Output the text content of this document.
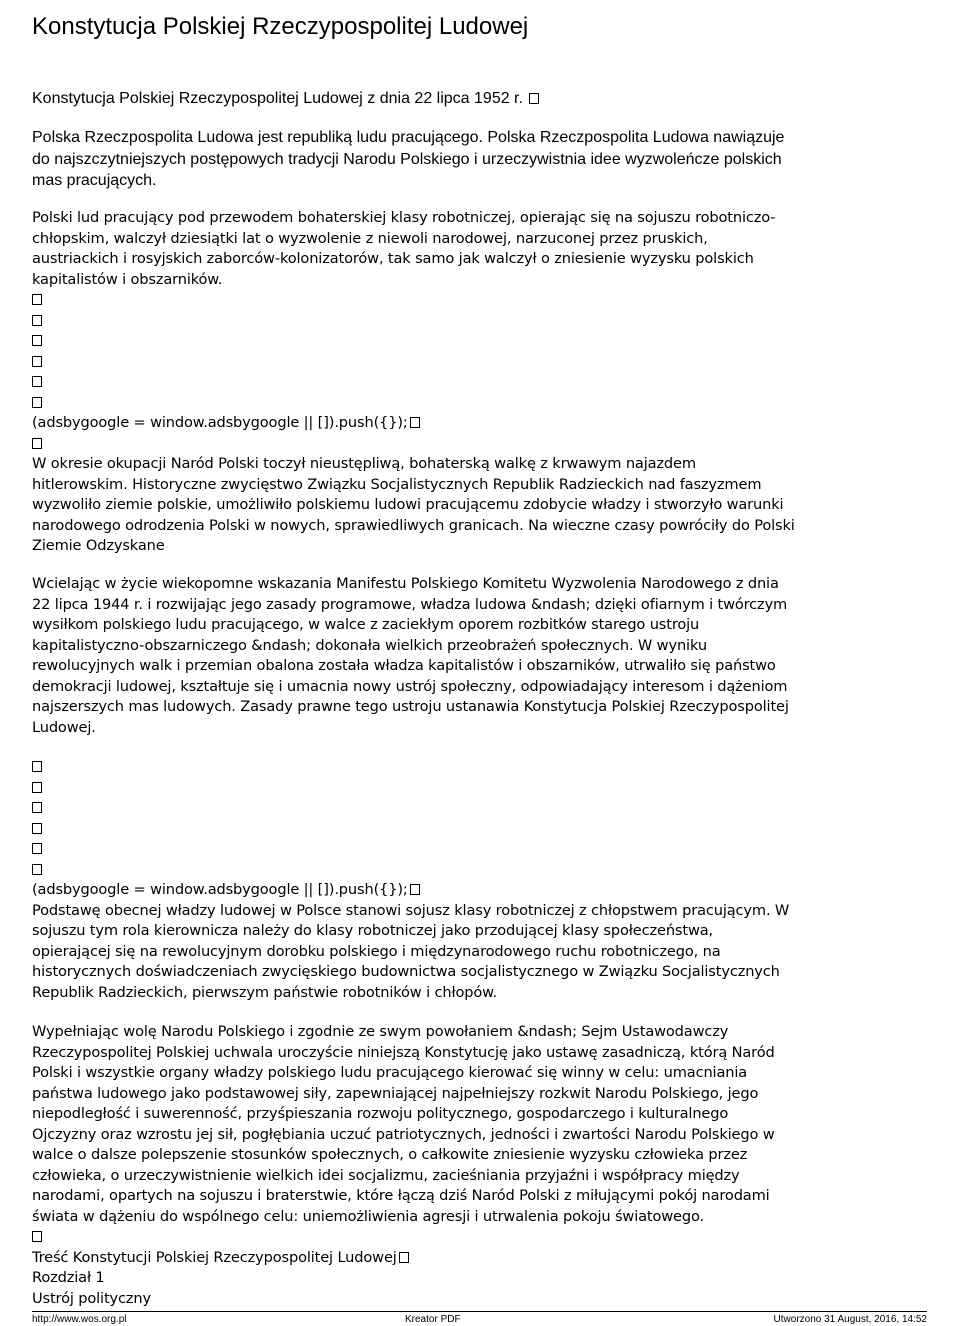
Konstytucja Polskiej Rzeczypospolitej Ludowej

Konstytucja Polskiej Rzeczypospolitej Ludowej z dnia 22 lipca 1952 r.

Polska Rzeczpospolita Ludowa jest republiką ludu pracującego. Polska Rzeczpospolita Ludowa nawiązuje
do najszczytniejszych postępowych tradycji Narodu Polskiego i urzeczywistnia idee wyzwoleńcze polskich
mas pracujących.

Polski lud pracujący pod przewodem bohaterskiej klasy robotniczej, opierając się na sojuszu robotniczo-
chłopskim, walczył dziesiątki lat o wyzwolenie z niewoli narodowej, narzuconej przez pruskich,
austriackich i rosyjskich zaborców-kolonizatorów, tak samo jak walczył o zniesienie wyzysku polskich
kapitalistów i obszarników.
(adsbygoogle = window.adsbygoogle || []).push({});
W okresie okupacji Naród Polski toczył nieustępliwą, bohaterską walkę z krwawym najazdem
hitlerowskim. Historyczne zwycięstwo Związku Socjalistycznych Republik Radzieckich nad faszyzmem
wyzwoliło ziemie polskie, umożliwiło polskiemu ludowi pracującemu zdobycie władzy i stworzyło warunki
narodowego odrodzenia Polski w nowych, sprawiedliwych granicach. Na wieczne czasy powróciły do Polski
Ziemie Odzyskane
Wcielając w życie wiekopomne wskazania Manifestu Polskiego Komitetu Wyzwolenia Narodowego z dnia
22 lipca 1944 r. i rozwijając jego zasady programowe, władza ludowa &ndash; dzięki ofiarnym i twórczym
wysiłkom polskiego ludu pracującego, w walce z zaciekłym oporem rozbitków starego ustroju
kapitalistyczno-obszarniczego &ndash; dokonała wielkich przeobrażeń społecznych. W wyniku
rewolucyjnych walk i przemian obalona została władza kapitalistów i obszarników, utrwaliło się państwo
demokracji ludowej, kształtuje się i umacnia nowy ustrój społeczny, odpowiadający interesom i dążeniom
najszerszych mas ludowych. Zasady prawne tego ustroju ustanawia Konstytucja Polskiej Rzeczypospolitej
Ludowej.
(adsbygoogle = window.adsbygoogle || []).push({});
Podstawę obecnej władzy ludowej w Polsce stanowi sojusz klasy robotniczej z chłopstwem pracującym. W
sojuszu tym rola kierownicza należy do klasy robotniczej jako przodującej klasy społeczeństwa,
opierającej się na rewolucyjnym dorobku polskiego i międzynarodowego ruchu robotniczego, na
historycznych doświadczeniach zwycięskiego budownictwa socjalistycznego w Związku Socjalistycznych
Republik Radzieckich, pierwszym państwie robotników i chłopów.
Wypełniając wolę Narodu Polskiego i zgodnie ze swym powołaniem &ndash; Sejm Ustawodawczy
Rzeczypospolitej Polskiej uchwala uroczyście niniejszą Konstytucję jako ustawę zasadniczą, którą Naród
Polski i wszystkie organy władzy polskiego ludu pracującego kierować się winny w celu: umacniania
państwa ludowego jako podstawowej siły, zapewniającej najpełniejszy rozkwit Narodu Polskiego, jego
niepodległość i suwerenność, przyśpieszania rozwoju politycznego, gospodarczego i kulturalnego
Ojczyzny oraz wzrostu jej sił, pogłębiania uczuć patriotycznych, jedności i zwartości Narodu Polskiego w
walce o dalsze polepszenie stosunków społecznych, o całkowite zniesienie wyzysku człowieka przez
człowieka, o urzeczywistnienie wielkich idei socjalizmu, zacieśniania przyjaźni i współpracy między
narodami, opartych na sojuszu i braterstwie, które łączą dziś Naród Polski z miłującymi pokój narodami
świata w dążeniu do wspólnego celu: uniemożliwienia agresji i utrwalenia pokoju światowego.
Treść Konstytucji Polskiej Rzeczypospolitej Ludowej
Rozdział 1
Ustrój polityczny
http://www.wos.org.pl	Kreator PDF	Utworzono 31 August, 2016, 14:52
